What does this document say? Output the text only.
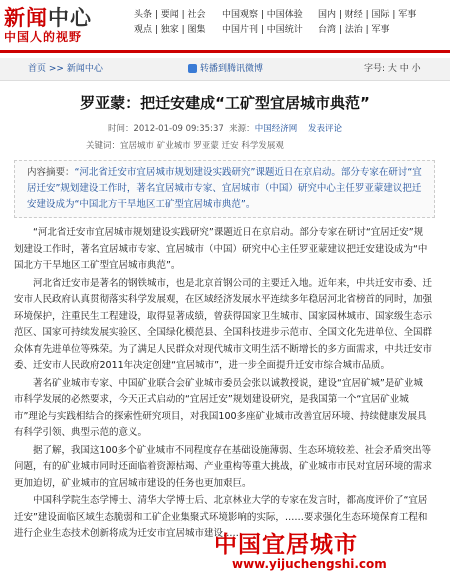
新闻中心
中国人的视野
头条 | 要闻 | 社会
观点 | 独家 | 图集
中国观察 | 中国体验
中国片刊 | 中国统计
国内 | 财经 | 国际 | 军事
台湾 | 法治 | 军事
首页 >> 新闻中心	转播到腾讯微博	字号: 大 中 小
罗亚蒙：把迁安建成“工矿型宜居城市典范”
时间：2012-01-09 09:35:37 来源：中国经济网 发表评论
关键词：宜居城市 矿业城市 罗亚蒙 迁安 科学发展观
内容摘要：“河北省迁安市宜居城市规划建设实践研究”课题近日在京启动。部分专家在研讨“宜居迁安”规划建设工作时，著名宜居城市专家、宜居城市（中国）研究中心主任罗亚蒙建议把迁安建设成为“中国北方干旱地区工矿型宜居城市典范”。

“河北省迁安市宜居城市规划建设实践研究”课题近日在京启动。部分专家在研讨“宜居迁安”规划建设工作时，著名宜居城市专家、宜居城市（中国）研究中心主任罗亚蒙建议把迁安建设成为“中国北方干旱地区工矿型宜居城市典范”。

河北省迁安市是著名的钢铁城市，也是北京首钢公司的主要迁入地。近年来，中共迁安市委、迁安市人民政府认真贯彻落实科学发展观，在区域经济发展水平连续多年稳居河北省榜首的同时，加强环境保护，注重民生工程建设，取得显著成绩，曾获得国家卫生城市、国家园林城市、国家级生态示范区、国家可持续发展实验区、全国绿化模范县、全国科技进步示范市、全国文化先进单位、全国群众体育先进单位等殊荣。为了满足人民群众对现代城市文明生活不断增长的多方面需求，中共迁安市委、迁安市人民政府2011年决定创建“宜居城市”，进一步全面提升迁安市综合城市品质。

著名矿业城市专家、中国矿业联合会矿业城市委员会张以诚教授说，建设“宜居矿城”是矿业城市科学发展的必然要求，今天正式启动的“宜居迁安”规划建设研究，是我国第一个“宜居矿业城市”理论与实践相结合的探索性研究项目，对我国100多座矿业城市改善宜居环境、持续健康发展具有科学引领、典型示范的意义。

据了解，我国这100多个矿业城市不同程度存在基础设施薄弱、生态环境较差、社会矛盾突出等问题，有的矿业城市同时还面临着资源枯竭、产业重构等重大挑战，矿业城市市民对宜居环境的需求更加迫切，矿业城市的宜居城市建设的任务也更加艰巨。

中国科学院生态学博士、清华大学博士后、北京林业大学的专家在发言时，都高度评价了“宜居迁安”建设面临区域生态脆弱和工矿企业集聚式环境影响的实际，……要求强化生态环境保育工程和进行企业生态技术创新将成为迁安市宜居城市建设……

中国宜居城市
www.yijuchengshi.com
